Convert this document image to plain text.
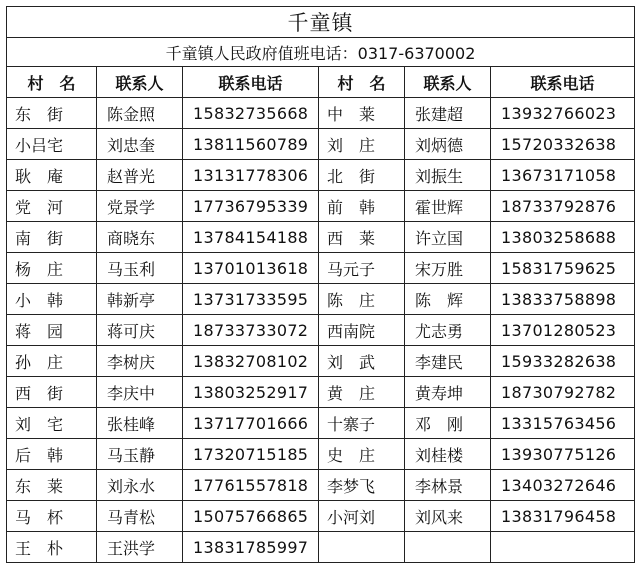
千童镇					
千童镇人民政府值班电话：0317-6370002					
村　名	联系人	联系电话	村　名	联系人	联系电话
东　街	陈金照	15832735668	中　莱	张建超	13932766023
小吕宅	刘忠奎	13811560789	刘　庄	刘炳德	15720332638
耿　庵	赵普光	13131778306	北　街	刘振生	13673171058
党　河	党景学	17736795339	前　韩	霍世辉	18733792876
南　街	商晓东	13784154188	西　莱	许立国	13803258688
杨　庄	马玉利	13701013618	马元子	宋万胜	15831759625
小　韩	韩新亭	13731733595	陈　庄	陈　辉	13833758898
蒋　园	蒋可庆	18733733072	西南院	尤志勇	13701280523
孙　庄	李树庆	13832708102	刘　武	李建民	15933282638
西　街	李庆中	13803252917	黄　庄	黄寿坤	18730792782
刘　宅	张桂峰	13717701666	十寨子	邓　刚	13315763456
后　韩	马玉静	17320715185	史　庄	刘桂楼	13930775126
东　莱	刘永水	17761557818	李梦飞	李林景	13403272646
马　杯	马青松	15075766865	小河刘	刘风来	13831796458
王　朴	王洪学	13831785997			
